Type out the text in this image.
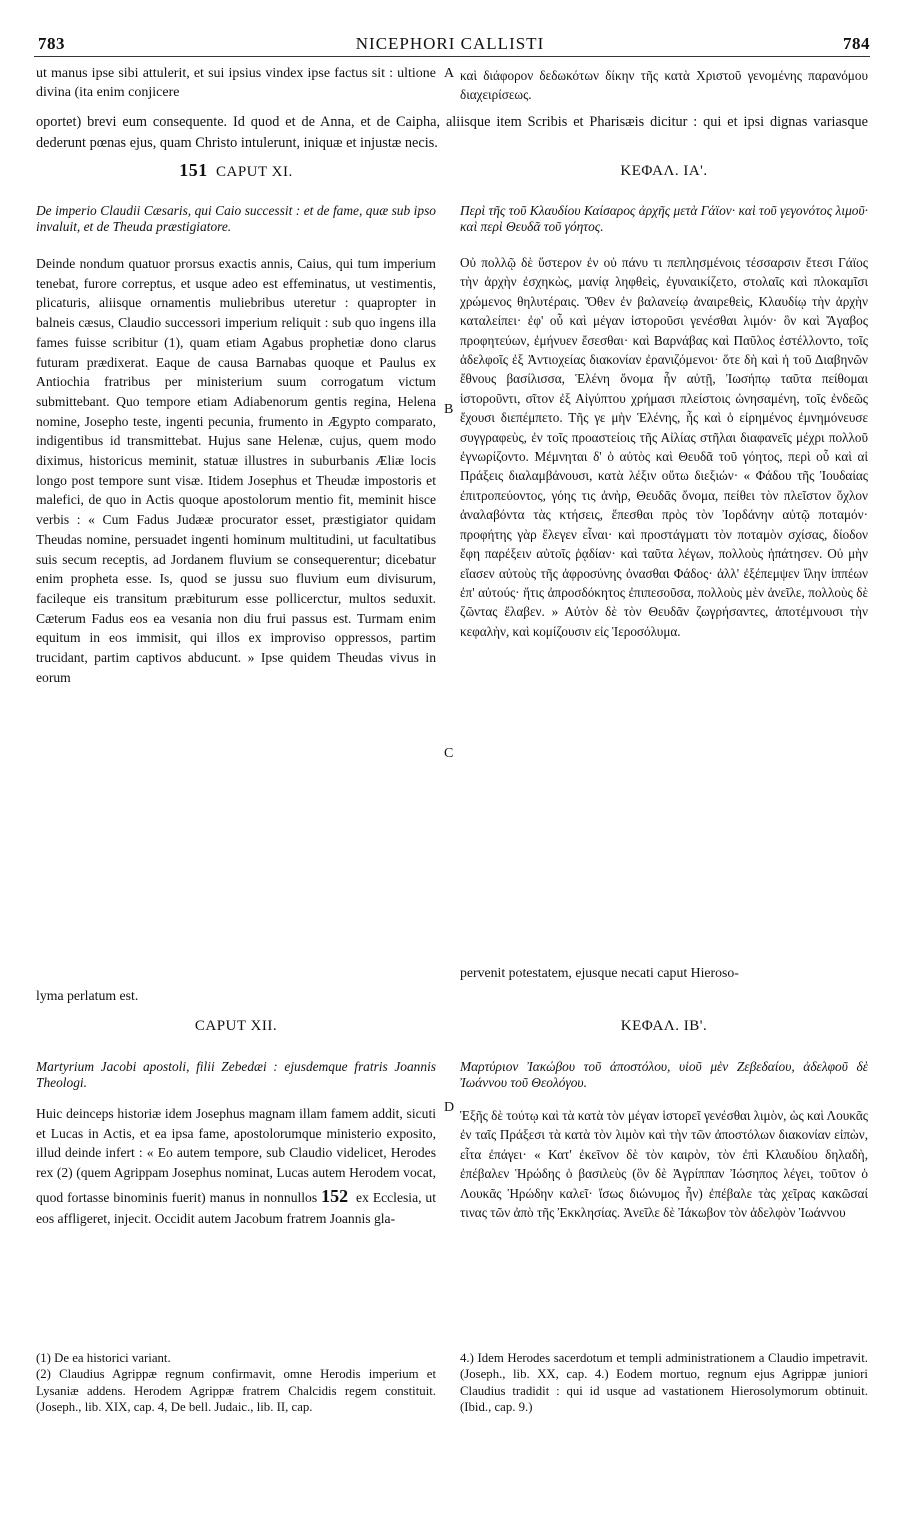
783	NICEPHORI CALLISTI	784

ut manus ipse sibi attulerit, et sui ipsius vindex ipse factus sit : ultione divina (ita enim conjicere

A καὶ διάφορον δεδωκότων δίκην τῆς κατὰ Χριστοῦ γενομένης παρανόμου διαχειρίσεως.

oportet) brevi eum consequente. Id quod et de Anna, et de Caipha, aliisque item Scribis et Pharisæis dicitur : qui et ipsi dignas variasque dederunt pœnas ejus, quam Christo intulerunt, iniquæ et injustæ necis.

151 CAPUT XI.	ΚΕΦΑΛ. ΙΑ'.

De imperio Claudii Cæsaris, qui Caio successit : et de fame, quæ sub ipso invaluit, et de Theuda præstigiatore.

Περὶ τῆς τοῦ Κλαυδίου Καίσαρος ἀρχῆς μετὰ Γάϊον· καὶ τοῦ γεγονότος λιμοῦ· καὶ περὶ Θευδᾶ τοῦ γόητος.

Deinde nondum quatuor prorsus exactis annis, Caius, qui tum imperium tenebat, furore correptus, et usque adeo est effeminatus, ut vestimentis, plicaturis, aliisque ornamentis muliebribus uteretur : quapropter in balneis cæsus, Claudio successori imperium reliquit : sub quo ingens illa fames fuisse scribitur (1), quam etiam Agabus prophetiæ dono clarus futuram prædixerat. Eaque de causa Barnabas quoque et Paulus ex Antiochia fratribus per ministerium suum corrogatum victum submittebant. Quo tempore etiam Adiabenorum gentis regina, Helena nomine, Josepho teste, ingenti pecunia, frumento in Ægypto comparato, indigentibus id transmittebat. Hujus sane Helenæ, cujus, quem modo diximus, historicus meminit, statuæ illustres in suburbanis Æliæ locis longo post tempore sunt visæ. Itidem Josephus et Theudæ impostoris et malefici, de quo in Actis quoque apostolorum mentio fit, meminit hisce verbis : « Cum Fadus Judææ procurator esset, præstigiator quidam Theudas nomine, persuadet ingenti hominum multitudini, ut facultatibus suis secum receptis, ad Jordanem fluvium se consequerentur; dicebatur enim propheta esse. Is, quod se jussu suo fluvium eum divisurum, facileque eis transitum præbiturum esse pollicerctur, multos seduxit. Cæterum Fadus eos ea vesania non diu frui passus est. Turmam enim equitum in eos immisit, qui illos ex improviso oppressos, partim trucidant, partim captivos abducunt. » Ipse quidem Theudas vivus in eorum

B
C

Οὐ πολλῷ δὲ ὕστερον ἐν οὐ πάνυ τι πεπλησμένοις τέσσαρσιν ἔτεσι Γάϊος τὴν ἀρχὴν ἐσχηκὼς, μανίᾳ ληφθεὶς, ἐγυναικίζετο, στολαῖς καὶ πλοκαμῖσι χρώμενος θηλυτέραις. Ὅθεν ἐν βαλανείῳ ἀναιρεθεὶς, Κλαυδίῳ τὴν ἀρχὴν καταλείπει· ἐφ' οὗ καὶ μέγαν ἱστοροῦσι γενέσθαι λιμόν· ὃν καὶ Ἄγαβος προφητεύων, ἐμήνυεν ἔσεσθαι· καὶ Βαρνάβας καὶ Παῦλος ἐστέλλοντο, τοῖς ἀδελφοῖς ἐξ Ἀντιοχείας διακονίαν ἐρανιζόμενοι· ὅτε δὴ καὶ ἡ τοῦ Διαβηνῶν ἔθνους βασίλισσα, Ἑλένη ὄνομα ἦν αὐτῇ, Ἰωσήπῳ ταῦτα πείθομαι ἱστοροῦντι, σῖτον ἐξ Αἰγύπτου χρήμασι πλείστοις ὠνησαμένη, τοῖς ἐνδεῶς ἔχουσι διεπέμπετο. Τῆς γε μὴν Ἑλένης, ἧς καὶ ὁ εἰρημένος ἐμνημόνευσε συγγραφεὺς, ἐν τοῖς προαστείοις τῆς Αἰλίας στῆλαι διαφανεῖς μέχρι πολλοῦ ἐγνωρίζοντο. Μέμνηται δ' ὁ αὐτὸς καὶ Θευδᾶ τοῦ γόητος, περὶ οὗ καὶ αἱ Πράξεις διαλαμβάνουσι, κατὰ λέξιν οὕτω διεξιών· « Φάδου τῆς Ἰουδαίας ἐπιτροπεύοντος, γόης τις ἀνὴρ, Θευδᾶς ὄνομα, πείθει τὸν πλεῖστον ὄχλον ἀναλαβόντα τὰς κτήσεις, ἕπεσθαι πρὸς τὸν Ἰορδάνην αὐτῷ ποταμόν· προφήτης γὰρ ἔλεγεν εἶναι· καὶ προστάγματι τὸν ποταμὸν σχίσας, δίοδον ἔφη παρέξειν αὐτοῖς ῥᾳδίαν· καὶ ταῦτα λέγων, πολλοὺς ἠπάτησεν. Οὐ μὴν εἴασεν αὐτοὺς τῆς ἀφροσύνης ὀνασθαι Φάδος· ἀλλ' ἐξέπεμψεν ἴλην ἱππέων ἐπ' αὐτούς· ἥτις ἀπροσδόκητος ἐπιπεσοῦσα, πολλοὺς μὲν ἀνεῖλε, πολλοὺς δὲ ζῶντας ἔλαβεν. » Αὐτὸν δὲ τὸν Θευδᾶν ζωγρήσαντες, ἀποτέμνουσι τὴν κεφαλὴν, καὶ κομίζουσιν εἰς Ἱεροσόλυμα.

pervenit potestatem, ejusque necati caput Hieroso-

lyma perlatum est.

CAPUT XII.	ΚΕΦΑΛ. ΙΒ'.

Martyrium Jacobi apostoli, filii Zebedæi : ejusdemque fratris Joannis Theologi.

Μαρτύριον Ἰακώβου τοῦ ἀποστόλου, υἱοῦ μὲν Ζεβεδαίου, ἀδελφοῦ δὲ Ἰωάννου τοῦ Θεολόγου.

Huic deinceps historiæ idem Josephus magnam illam famem addit, sicuti et Lucas in Actis, et ea ipsa fame, apostolorumque ministerio exposito, illud deinde infert : « Eo autem tempore, sub Claudio videlicet, Herodes rex (2) (quem Agrippam Josephus nominat, Lucas autem Herodem vocat, quod fortasse binominis fuerit) manus in nonnullos 152 ex Ecclesia, ut eos affligeret, injecit. Occidit autem Jacobum fratrem Joannis gla-

D

Ἑξῆς δὲ τούτῳ καὶ τὰ κατὰ τὸν μέγαν ἱστορεῖ γενέσθαι λιμὸν, ὡς καὶ Λουκᾶς ἐν ταῖς Πράξεσι τὰ κατὰ τὸν λιμὸν καὶ τὴν τῶν ἀποστόλων διακονίαν εἰπὼν, εἶτα ἐπάγει· « Κατ' ἐκεῖνον δὲ τὸν καιρὸν, τὸν ἐπὶ Κλαυδίου δηλαδὴ, ἐπέβαλεν Ἡρώδης ὁ βασιλεὺς (ὃν δὲ Ἀγρίππαν Ἰώσηπος λέγει, τοῦτον ὁ Λουκᾶς Ἡρώδην καλεῖ· ἴσως διώνυμος ἦν) ἐπέβαλε τὰς χεῖρας κακῶσαί τινας τῶν ἀπὸ τῆς Ἐκκλησίας. Ἀνεῖλε δὲ Ἰάκωβον τὸν ἀδελφὸν Ἰωάννου

(1) De ea historici variant.

(2) Claudius Agrippæ regnum confirmavit, omne Herodis imperium et Lysaniæ addens. Herodem Agrippæ fratrem Chalcidis regem constituit. (Joseph., lib. XIX, cap. 4, De bell. Judaic., lib. II, cap.

4.) Idem Herodes sacerdotum et templi administrationem a Claudio impetravit. (Joseph., lib. XX, cap. 4.) Eodem mortuo, regnum ejus Agrippæ juniori Claudius tradidit : qui id usque ad vastationem Hierosolymorum obtinuit. (Ibid., cap. 9.)
